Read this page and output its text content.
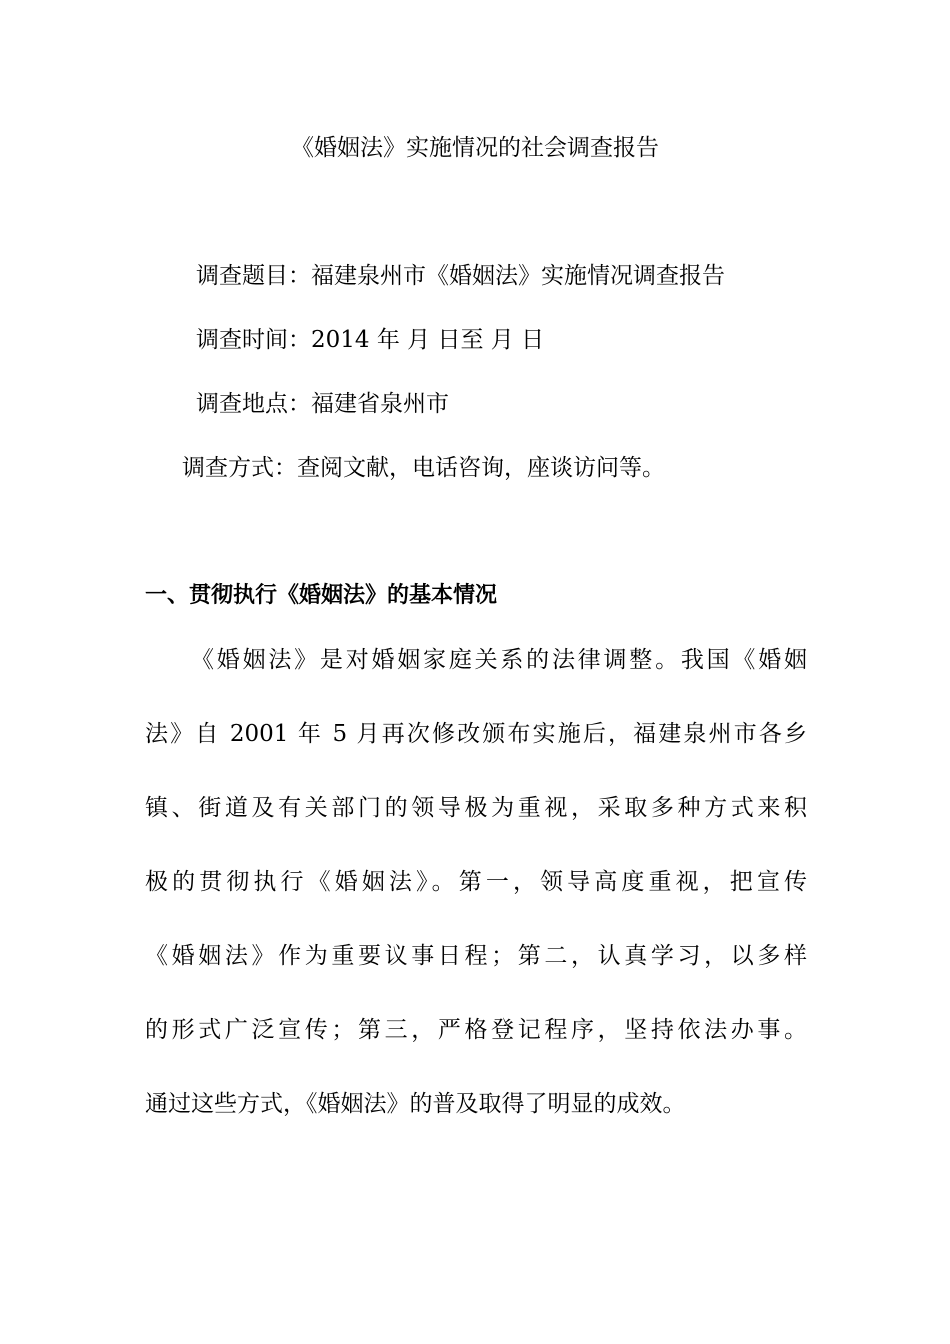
《婚姻法》实施情况的社会调查报告
调查题目：福建泉州市《婚姻法》实施情况调查报告
调查时间：2014 年 月 日至 月 日
调查地点：福建省泉州市
调查方式：查阅文献，电话咨询，座谈访问等。
一、贯彻执行《婚姻法》的基本情况
《婚姻法》是对婚姻家庭关系的法律调整。我国《婚姻
法》自 2001 年 5 月再次修改颁布实施后，福建泉州市各乡
镇、街道及有关部门的领导极为重视，采取多种方式来积
极的贯彻执行《婚姻法》。第一，领导高度重视，把宣传
《婚姻法》作为重要议事日程；第二，认真学习，以多样
的形式广泛宣传；第三，严格登记程序，坚持依法办事。
通过这些方式，《婚姻法》的普及取得了明显的成效。
